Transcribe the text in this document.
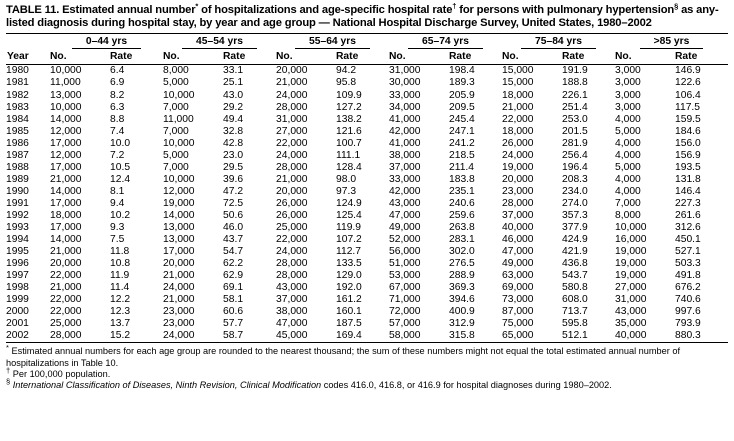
TABLE 11. Estimated annual number* of hospitalizations and age-specific hospital rate† for persons with pulmonary hypertension§ as any-listed diagnosis during hospital stay, by year and age group — National Hospital Discharge Survey, United States, 1980–2002
	0–44 yrs		45–54 yrs		55–64 yrs		65–74 yrs		75–84 yrs		>85 yrs	
Year	No.	Rate	No.	Rate	No.	Rate	No.	Rate	No.	Rate	No.	Rate
1980	10,000	6.4	8,000	33.1	20,000	94.2	31,000	198.4	15,000	191.9	3,000	146.9
1981	11,000	6.9	5,000	25.1	21,000	95.8	30,000	189.3	15,000	188.8	3,000	122.6
1982	13,000	8.2	10,000	43.0	24,000	109.9	33,000	205.9	18,000	226.1	3,000	106.4
1983	10,000	6.3	7,000	29.2	28,000	127.2	34,000	209.5	21,000	251.4	3,000	117.5
1984	14,000	8.8	11,000	49.4	31,000	138.2	41,000	245.4	22,000	253.0	4,000	159.5
1985	12,000	7.4	7,000	32.8	27,000	121.6	42,000	247.1	18,000	201.5	5,000	184.6
1986	17,000	10.0	10,000	42.8	22,000	100.7	41,000	241.2	26,000	281.9	4,000	156.0
1987	12,000	7.2	5,000	23.0	24,000	111.1	38,000	218.5	24,000	256.4	4,000	156.9
1988	17,000	10.5	7,000	29.5	28,000	128.4	37,000	211.4	19,000	196.4	5,000	193.5
1989	21,000	12.4	10,000	39.6	21,000	98.0	33,000	183.8	20,000	208.3	4,000	131.8
1990	14,000	8.1	12,000	47.2	20,000	97.3	42,000	235.1	23,000	234.0	4,000	146.4
1991	17,000	9.4	19,000	72.5	26,000	124.9	43,000	240.6	28,000	274.0	7,000	227.3
1992	18,000	10.2	14,000	50.6	26,000	125.4	47,000	259.6	37,000	357.3	8,000	261.6
1993	17,000	9.3	13,000	46.0	25,000	119.9	49,000	263.8	40,000	377.9	10,000	312.6
1994	14,000	7.5	13,000	43.7	22,000	107.2	52,000	283.1	46,000	424.9	16,000	450.1
1995	21,000	11.8	17,000	54.7	24,000	112.7	56,000	302.0	47,000	421.9	19,000	527.1
1996	20,000	10.8	20,000	62.2	28,000	133.5	51,000	276.5	49,000	436.8	19,000	503.3
1997	22,000	11.9	21,000	62.9	28,000	129.0	53,000	288.9	63,000	543.7	19,000	491.8
1998	21,000	11.4	24,000	69.1	43,000	192.0	67,000	369.3	69,000	580.8	27,000	676.2
1999	22,000	12.2	21,000	58.1	37,000	161.2	71,000	394.6	73,000	608.0	31,000	740.6
2000	22,000	12.3	23,000	60.6	38,000	160.1	72,000	400.9	87,000	713.7	43,000	997.6
2001	25,000	13.7	23,000	57.7	47,000	187.5	57,000	312.9	75,000	595.8	35,000	793.9
2002	28,000	15.2	24,000	58.7	45,000	169.4	58,000	315.8	65,000	512.1	40,000	880.3
* Estimated annual numbers for each age group are rounded to the nearest thousand; the sum of these numbers might not equal the total estimated annual number of hospitalizations in Table 10.
† Per 100,000 population.
§ International Classification of Diseases, Ninth Revision, Clinical Modification codes 416.0, 416.8, or 416.9 for hospital diagnoses during 1980–2002.
